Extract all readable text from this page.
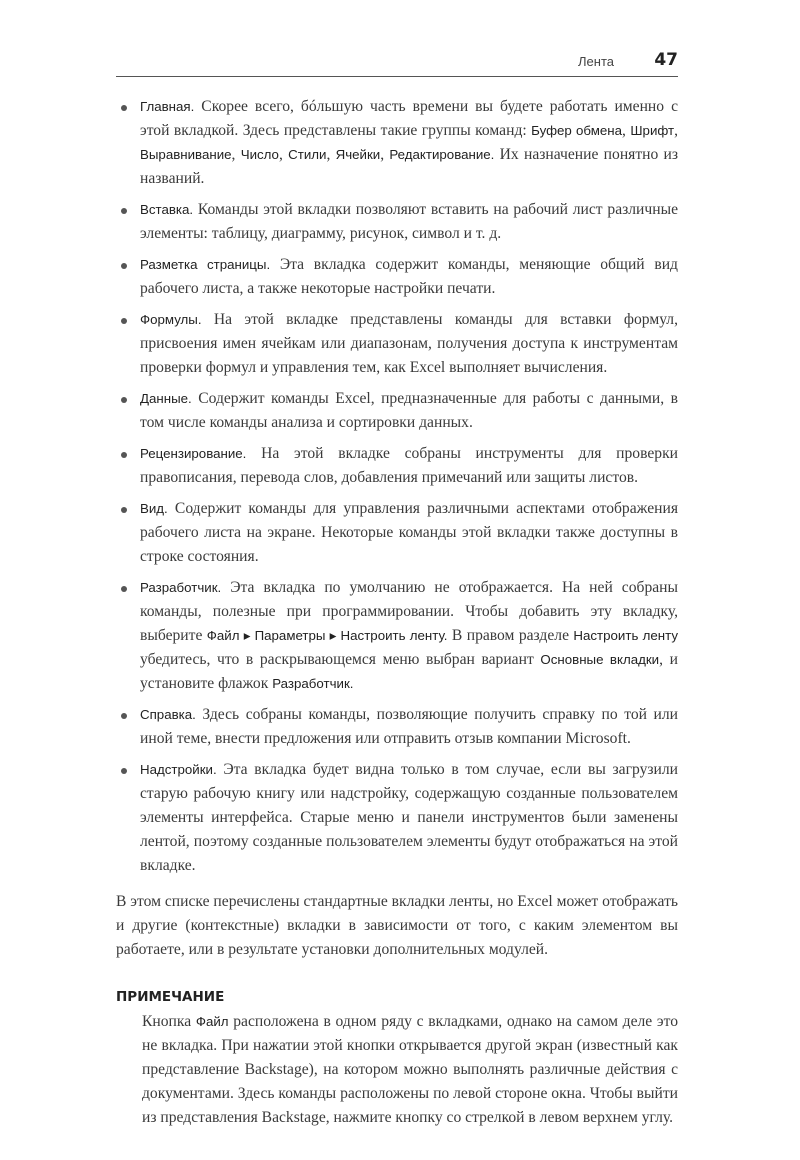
Лента 47
Главная. Скорее всего, бóльшую часть времени вы будете работать именно с этой вкладкой. Здесь представлены такие группы команд: Буфер обмена, Шрифт, Выравнивание, Число, Стили, Ячейки, Редактирование. Их назначение понятно из названий.
Вставка. Команды этой вкладки позволяют вставить на рабочий лист различные элементы: таблицу, диаграмму, рисунок, символ и т. д.
Разметка страницы. Эта вкладка содержит команды, меняющие общий вид рабочего листа, а также некоторые настройки печати.
Формулы. На этой вкладке представлены команды для вставки формул, присвоения имен ячейкам или диапазонам, получения доступа к инструментам проверки формул и управления тем, как Excel выполняет вычисления.
Данные. Содержит команды Excel, предназначенные для работы с данными, в том числе команды анализа и сортировки данных.
Рецензирование. На этой вкладке собраны инструменты для проверки правописания, перевода слов, добавления примечаний или защиты листов.
Вид. Содержит команды для управления различными аспектами отображения рабочего листа на экране. Некоторые команды этой вкладки также доступны в строке состояния.
Разработчик. Эта вкладка по умолчанию не отображается. На ней собраны команды, полезные при программировании. Чтобы добавить эту вкладку, выберите Файл ▸ Параметры ▸ Настроить ленту. В правом разделе Настроить ленту убедитесь, что в раскрывающемся меню выбран вариант Основные вкладки, и установите флажок Разработчик.
Справка. Здесь собраны команды, позволяющие получить справку по той или иной теме, внести предложения или отправить отзыв компании Microsoft.
Надстройки. Эта вкладка будет видна только в том случае, если вы загрузили старую рабочую книгу или надстройку, содержащую созданные пользователем элементы интерфейса. Старые меню и панели инструментов были заменены лентой, поэтому созданные пользователем элементы будут отображаться на этой вкладке.

В этом списке перечислены стандартные вкладки ленты, но Excel может отображать и другие (контекстные) вкладки в зависимости от того, с каким элементом вы работаете, или в результате установки дополнительных модулей.

ПРИМЕЧАНИЕ

Кнопка Файл расположена в одном ряду с вкладками, однако на самом деле это не вкладка. При нажатии этой кнопки открывается другой экран (известный как представление Backstage), на котором можно выполнять различные действия с документами. Здесь команды расположены по левой стороне окна. Чтобы выйти из представления Backstage, нажмите кнопку со стрелкой в левом верхнем углу.
